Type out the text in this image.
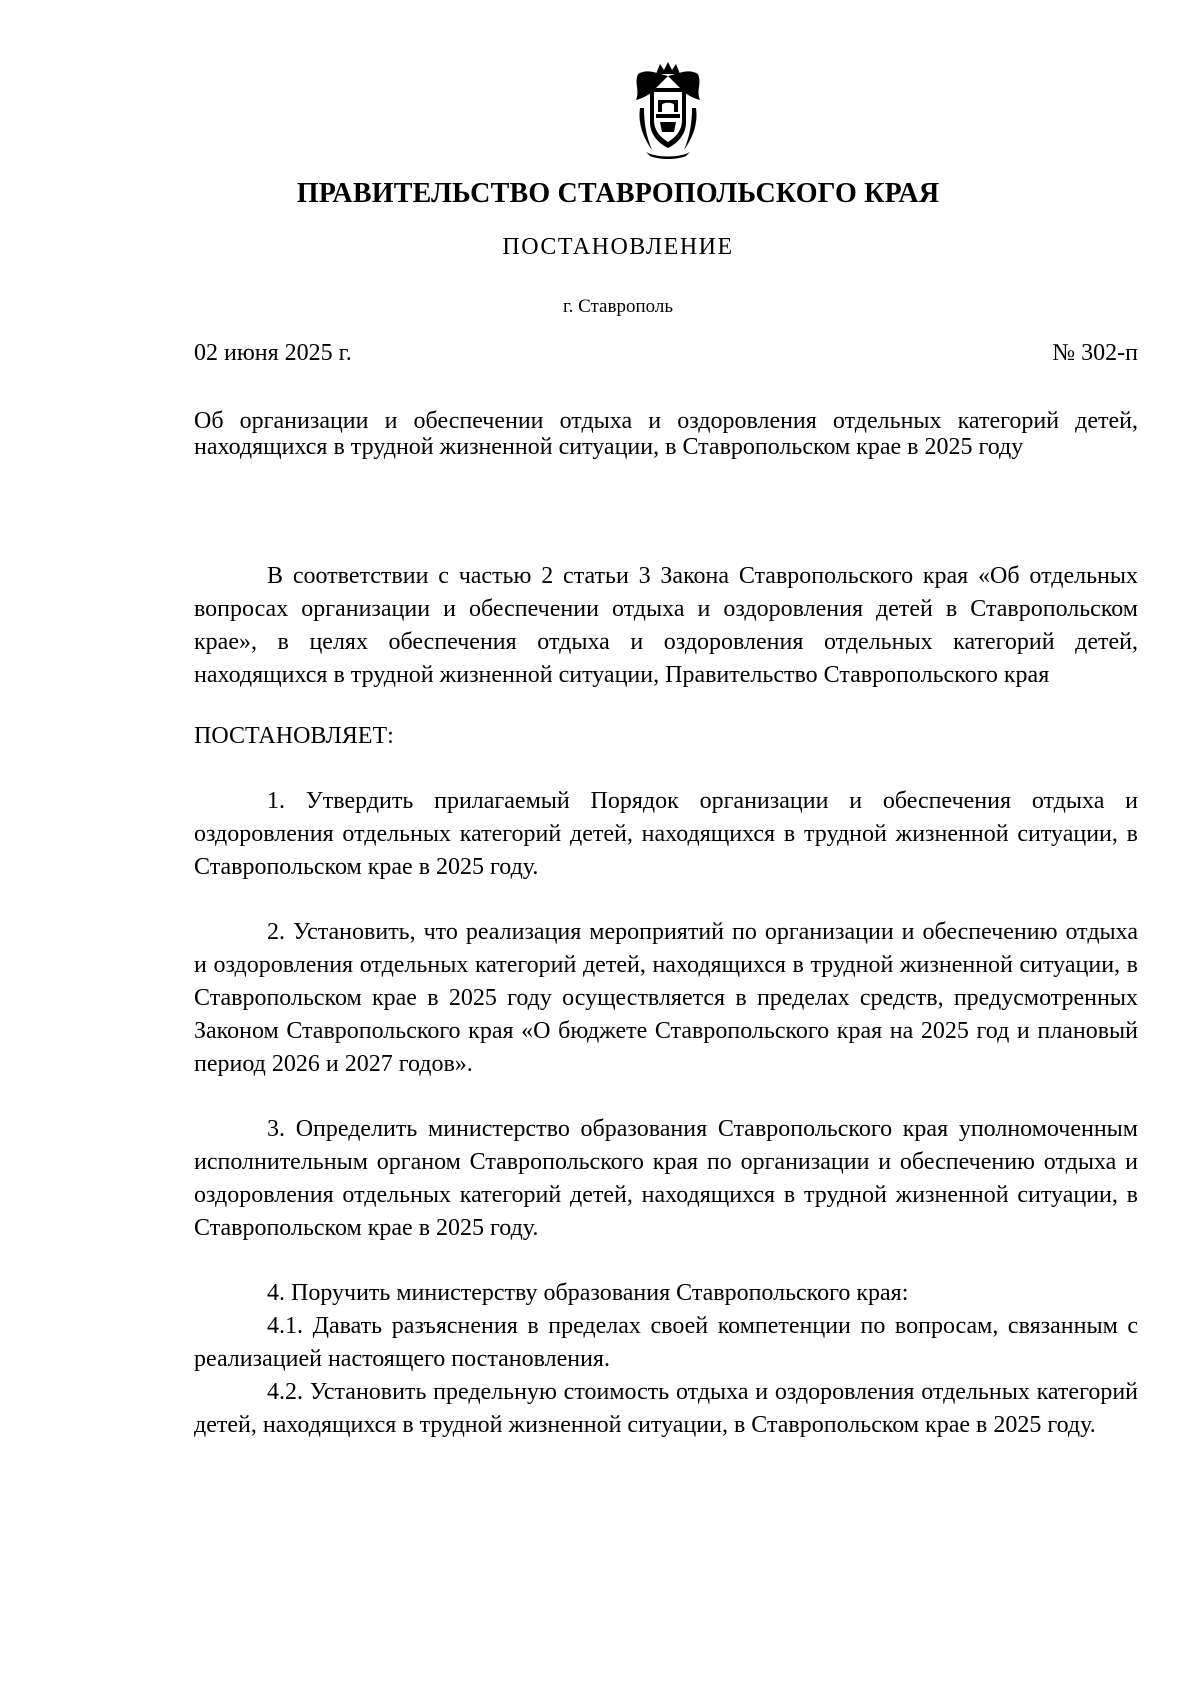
ПРАВИТЕЛЬСТВО СТАВРОПОЛЬСКОГО КРАЯ
ПОСТАНОВЛЕНИЕ
г. Ставрополь
02 июня 2025 г.	№ 302-п
Об организации и обеспечении отдыха и оздоровления отдельных категорий детей, находящихся в трудной жизненной ситуации, в Ставропольском крае в 2025 году

В соответствии с частью 2 статьи 3 Закона Ставропольского края «Об отдельных вопросах организации и обеспечении отдыха и оздоровления детей в Ставропольском крае», в целях обеспечения отдыха и оздоровления отдельных категорий детей, находящихся в трудной жизненной ситуации, Правительство Ставропольского края

ПОСТАНОВЛЯЕТ:

1. Утвердить прилагаемый Порядок организации и обеспечения отдыха и оздоровления отдельных категорий детей, находящихся в трудной жизненной ситуации, в Ставропольском крае в 2025 году.

2. Установить, что реализация мероприятий по организации и обеспечению отдыха и оздоровления отдельных категорий детей, находящихся в трудной жизненной ситуации, в Ставропольском крае в 2025 году осуществляется в пределах средств, предусмотренных Законом Ставропольского края «О бюджете Ставропольского края на 2025 год и плановый период 2026 и 2027 годов».

3. Определить министерство образования Ставропольского края уполномоченным исполнительным органом Ставропольского края по организации и обеспечению отдыха и оздоровления отдельных категорий детей, находящихся в трудной жизненной ситуации, в Ставропольском крае в 2025 году.

4. Поручить министерству образования Ставропольского края:

4.1. Давать разъяснения в пределах своей компетенции по вопросам, связанным с реализацией настоящего постановления.

4.2. Установить предельную стоимость отдыха и оздоровления отдельных категорий детей, находящихся в трудной жизненной ситуации, в Ставропольском крае в 2025 году.
